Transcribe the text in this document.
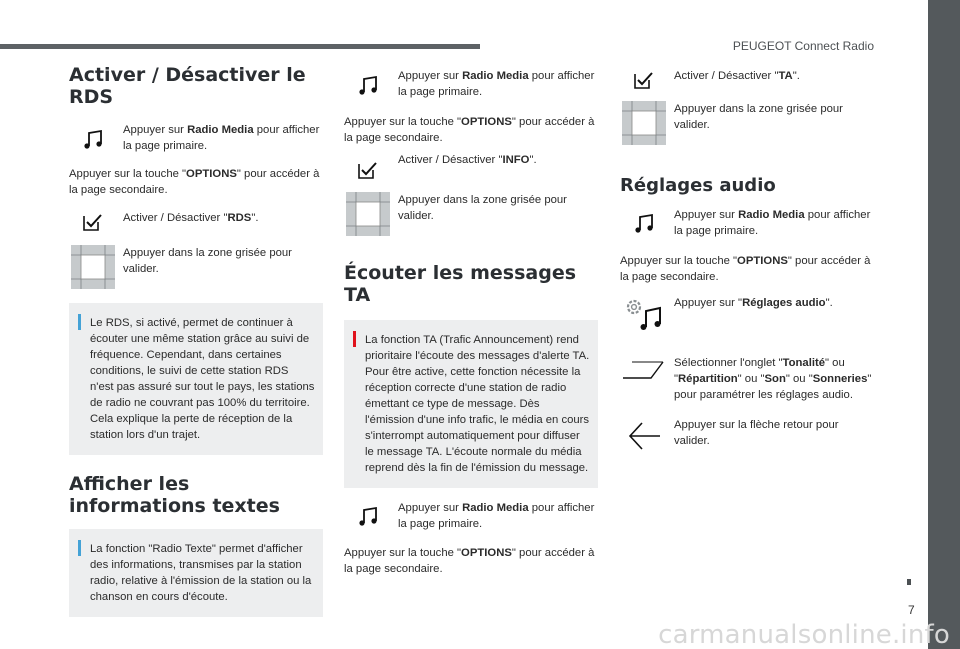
PEUGEOT Connect Radio
7
carmanualsonline.info
Activer / Désactiver le RDS
Appuyer sur Radio Media pour afficher la page primaire.

Appuyer sur la touche "OPTIONS" pour accéder à la page secondaire.

Activer / Désactiver "RDS".
Appuyer dans la zone grisée pour valider.
Le RDS, si activé, permet de continuer à écouter une même station grâce au suivi de fréquence. Cependant, dans certaines conditions, le suivi de cette station RDS n'est pas assuré sur tout le pays, les stations de radio ne couvrant pas 100% du territoire. Cela explique la perte de réception de la station lors d'un trajet.
Afficher les informations textes
La fonction "Radio Texte" permet d'afficher des informations, transmises par la station radio, relative à l'émission de la station ou la chanson en cours d'écoute.
Appuyer sur Radio Media pour afficher la page primaire.

Appuyer sur la touche "OPTIONS" pour accéder à la page secondaire.

Activer / Désactiver "INFO".
Appuyer dans la zone grisée pour valider.
Écouter les messages TA
La fonction TA (Trafic Announcement) rend prioritaire l'écoute des messages d'alerte TA. Pour être active, cette fonction nécessite la réception correcte d'une station de radio émettant ce type de message. Dès l'émission d'une info trafic, le média en cours s'interrompt automatiquement pour diffuser le message TA. L'écoute normale du média reprend dès la fin de l'émission du message.
Appuyer sur Radio Media pour afficher la page primaire.

Appuyer sur la touche "OPTIONS" pour accéder à la page secondaire.

Activer / Désactiver "TA".
Appuyer dans la zone grisée pour valider.
Réglages audio
Appuyer sur Radio Media pour afficher la page primaire.

Appuyer sur la touche "OPTIONS" pour accéder à la page secondaire.

Appuyer sur "Réglages audio".
Sélectionner l'onglet "Tonalité" ou "Répartition" ou "Son" ou "Sonneries" pour paramétrer les réglages audio.
Appuyer sur la flèche retour pour valider.
